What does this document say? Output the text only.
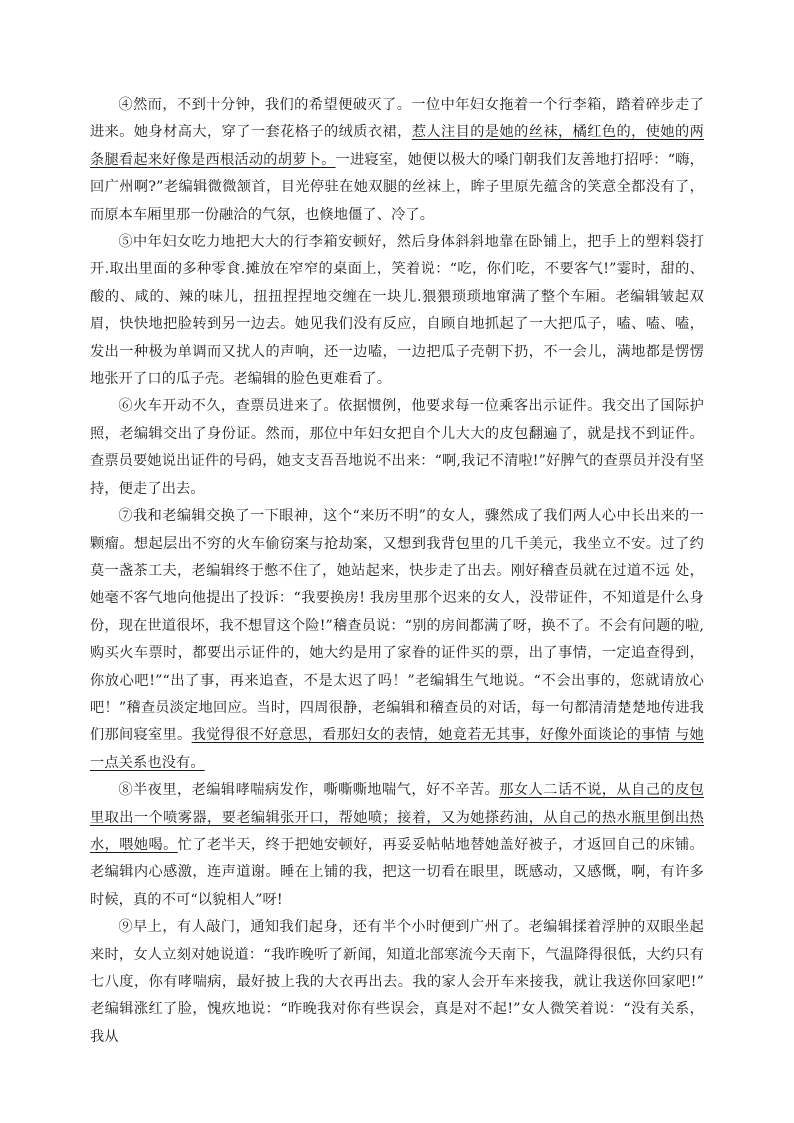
④然而，不到十分钟，我们的希望便破灭了。一位中年妇女拖着一个行李箱，踏着碎步走了进来。她身材高大，穿了一套花格子的绒质衣裙，惹人注目的是她的丝袜，橘红色的，使她的两条腿看起来好像是西根活动的胡萝卜。一进寝室，她便以极大的嗓门朝我们友善地打招呼：“嗨，回广州啊?”老编辑微微颔首，目光停驻在她双腿的丝袜上，眸子里原先蕴含的笑意全都没有了，而原本车厢里那一份融洽的气氛，也倏地僵了、冷了。

⑤中年妇女吃力地把大大的行李箱安顿好，然后身体斜斜地靠在卧铺上，把手上的塑料袋打开.取出里面的多种零食.摊放在窄窄的桌面上，笑着说：“吃，你们吃，不要客气!”霎时，甜的、酸的、咸的、辣的味儿，扭扭捏捏地交缠在一块儿.猥猥琐琐地窜满了整个车厢。老编辑皱起双眉，快快地把脸转到另一边去。她见我们没有反应，自顾自地抓起了一大把瓜子，嗑、嗑、嗑，发出一种极为单调而又扰人的声响，还一边嗑，一边把瓜子壳朝下扔，不一会儿，满地都是愣愣地张开了口的瓜子壳。老编辑的脸色更难看了。

⑥火车开动不久，查票员进来了。依据惯例，他要求每一位乘客出示证件。我交出了国际护照，老编辑交出了身份证。然而，那位中年妇女把自个儿大大的皮包翻遍了，就是找不到证件。查票员要她说出证件的号码，她支支吾吾地说不出来：“啊,我记不清啦!”好脾气的查票员并没有坚持，便走了出去。

⑦我和老编辑交换了一下眼神，这个“来历不明”的女人，骤然成了我们两人心中长出来的一颗瘤。想起层出不穷的火车偷窃案与抢劫案，又想到我背包里的几千美元，我坐立不安。过了约莫一盏茶工夫，老编辑终于憋不住了，她站起来，快步走了出去。刚好稽查员就在过道不远 处，她毫不客气地向他提出了投诉：“我要换房! 我房里那个迟来的女人，没带证件，不知道是什么身份，现在世道很坏，我不想冒这个险!”稽查员说：“别的房间都满了呀，换不了。不会有问题的啦,购买火车票时，都要出示证件的，她大约是用了家眷的证件买的票，出了事情，一定追查得到，你放心吧!”“出了事，再来追查，不是太迟了吗！”老编辑生气地说。“不会出事的，您就请放心吧！”稽查员淡定地回应。当时，四周很静，老编辑和稽查员的对话，每一句都清清楚楚地传进我们那间寝室里。我觉得很不好意思，看那妇女的表情，她竟若无其事，好像外面谈论的事情 与她一点关系也没有。

⑧半夜里，老编辑哮喘病发作，嘶嘶嘶地喘气，好不辛苦。那女人二话不说，从自己的皮包里取出一个喷雾器，要老编辑张开口，帮她喷；接着，又为她搽药油，从自己的热水瓶里倒出热水，喂她喝。忙了老半天，终于把她安顿好，再妥妥帖帖地替她盖好被子，才返回自己的床铺。老编辑内心感激，连声道谢。睡在上铺的我，把这一切看在眼里，既感动，又感慨，啊，有许多时候，真的不可“以貌相人”呀!

⑨早上，有人敲门，通知我们起身，还有半个小时便到广州了。老编辑揉着浮肿的双眼坐起来时，女人立刻对她说道：“我昨晚听了新闻，知道北部寒流今天南下，气温降得很低，大约只有七八度，你有哮喘病，最好披上我的大衣再出去。我的家人会开车来接我，就让我送你回家吧!” 老编辑涨红了脸，愧疚地说：“昨晚我对你有些误会，真是对不起!”女人微笑着说：“没有关系， 我从
